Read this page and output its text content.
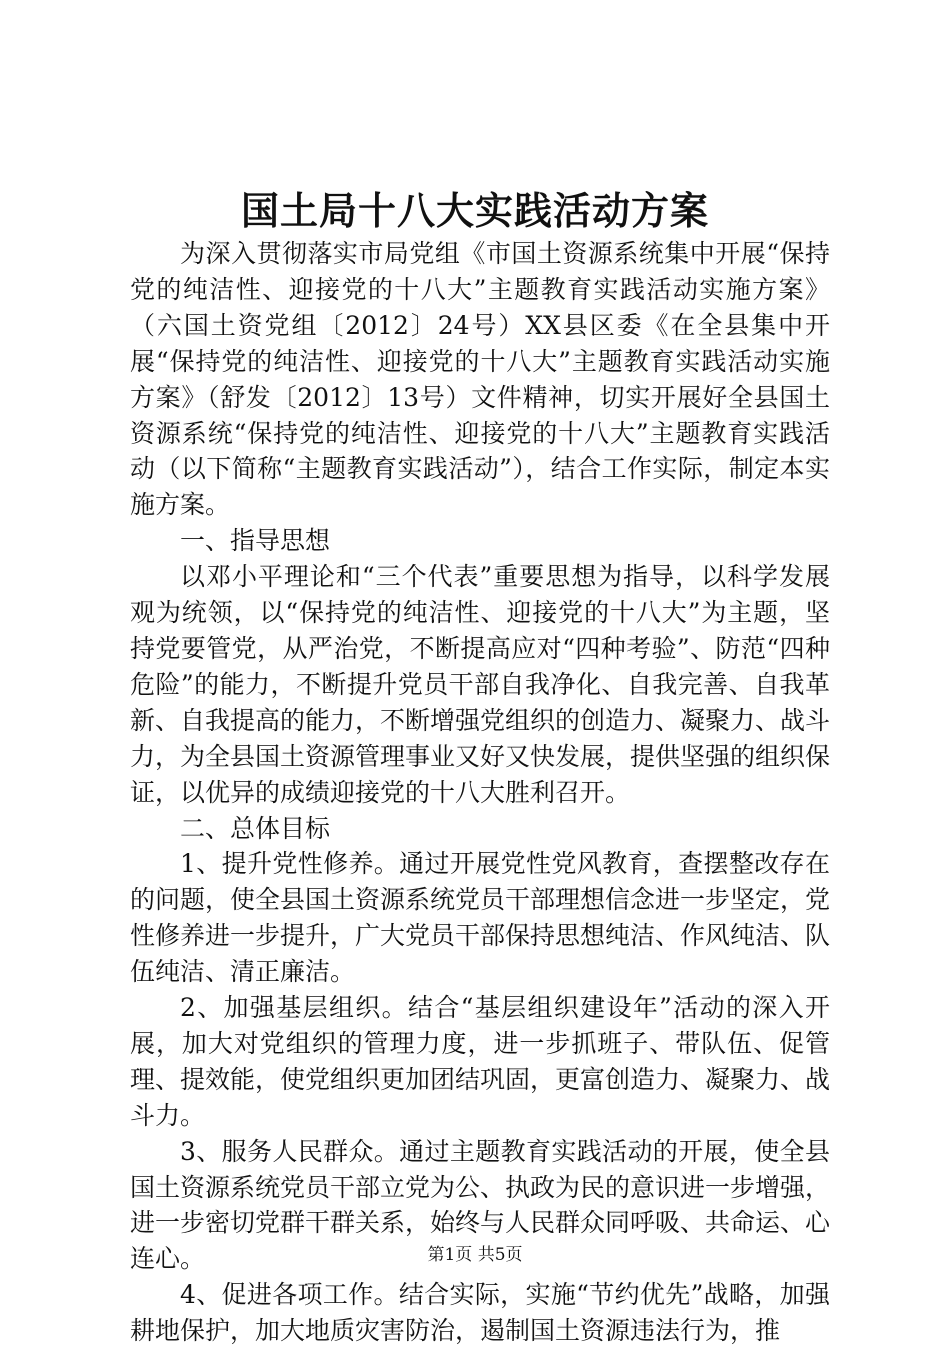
国土局十八大实践活动方案

为深入贯彻落实市局党组《市国土资源系统集中开展“保持党的纯洁性、迎接党的十八大”主题教育实践活动实施方案》（六国土资党组〔2012〕24号）XX县区委《在全县集中开展“保持党的纯洁性、迎接党的十八大”主题教育实践活动实施方案》（舒发〔2012〕13号）文件精神，切实开展好全县国土资源系统“保持党的纯洁性、迎接党的十八大”主题教育实践活动（以下简称“主题教育实践活动”），结合工作实际，制定本实施方案。

一、指导思想

以邓小平理论和“三个代表”重要思想为指导，以科学发展观为统领，以“保持党的纯洁性、迎接党的十八大”为主题，坚持党要管党，从严治党，不断提高应对“四种考验”、防范“四种危险”的能力，不断提升党员干部自我净化、自我完善、自我革新、自我提高的能力，不断增强党组织的创造力、凝聚力、战斗力，为全县国土资源管理事业又好又快发展，提供坚强的组织保证，以优异的成绩迎接党的十八大胜利召开。

二、总体目标

1、提升党性修养。通过开展党性党风教育，查摆整改存在的问题，使全县国土资源系统党员干部理想信念进一步坚定，党性修养进一步提升，广大党员干部保持思想纯洁、作风纯洁、队伍纯洁、清正廉洁。

2、加强基层组织。结合“基层组织建设年”活动的深入开展，加大对党组织的管理力度，进一步抓班子、带队伍、促管理、提效能，使党组织更加团结巩固，更富创造力、凝聚力、战斗力。

3、服务人民群众。通过主题教育实践活动的开展，使全县国土资源系统党员干部立党为公、执政为民的意识进一步增强，进一步密切党群干群关系，始终与人民群众同呼吸、共命运、心连心。

4、促进各项工作。结合实际，实施“节约优先”战略，加强耕地保护，加大地质灾害防治，遏制国土资源违法行为，推

第1页 共5页
